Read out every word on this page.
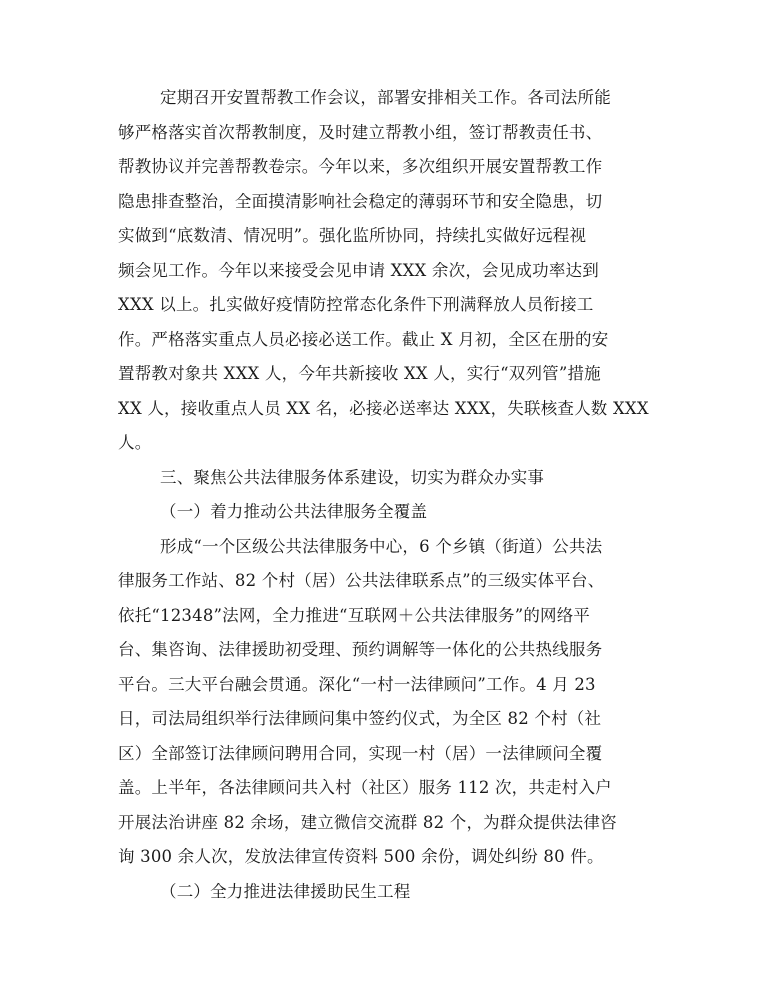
定期召开安置帮教工作会议，部署安排相关工作。各司法所能
够严格落实首次帮教制度，及时建立帮教小组，签订帮教责任书、
帮教协议并完善帮教卷宗。今年以来，多次组织开展安置帮教工作
隐患排查整治，全面摸清影响社会稳定的薄弱环节和安全隐患，切
实做到“底数清、情况明”。强化监所协同，持续扎实做好远程视
频会见工作。今年以来接受会见申请 XXX 余次，会见成功率达到
XXX 以上。扎实做好疫情防控常态化条件下刑满释放人员衔接工
作。严格落实重点人员必接必送工作。截止 X 月初，全区在册的安
置帮教对象共 XXX 人，今年共新接收 XX 人，实行“双列管”措施
XX 人，接收重点人员 XX 名，必接必送率达 XXX，失联核查人数 XXX
人。
三、聚焦公共法律服务体系建设，切实为群众办实事
（一）着力推动公共法律服务全覆盖
形成“一个区级公共法律服务中心，6 个乡镇（街道）公共法
律服务工作站、82 个村（居）公共法律联系点”的三级实体平台、
依托“12348”法网，全力推进“互联网＋公共法律服务”的网络平
台、集咨询、法律援助初受理、预约调解等一体化的公共热线服务
平台。三大平台融会贯通。深化“一村一法律顾问”工作。4 月 23
日，司法局组织举行法律顾问集中签约仪式，为全区 82 个村（社
区）全部签订法律顾问聘用合同，实现一村（居）一法律顾问全覆
盖。上半年，各法律顾问共入村（社区）服务 112 次，共走村入户
开展法治讲座 82 余场，建立微信交流群 82 个，为群众提供法律咨
询 300 余人次，发放法律宣传资料 500 余份，调处纠纷 80 件。
（二）全力推进法律援助民生工程
